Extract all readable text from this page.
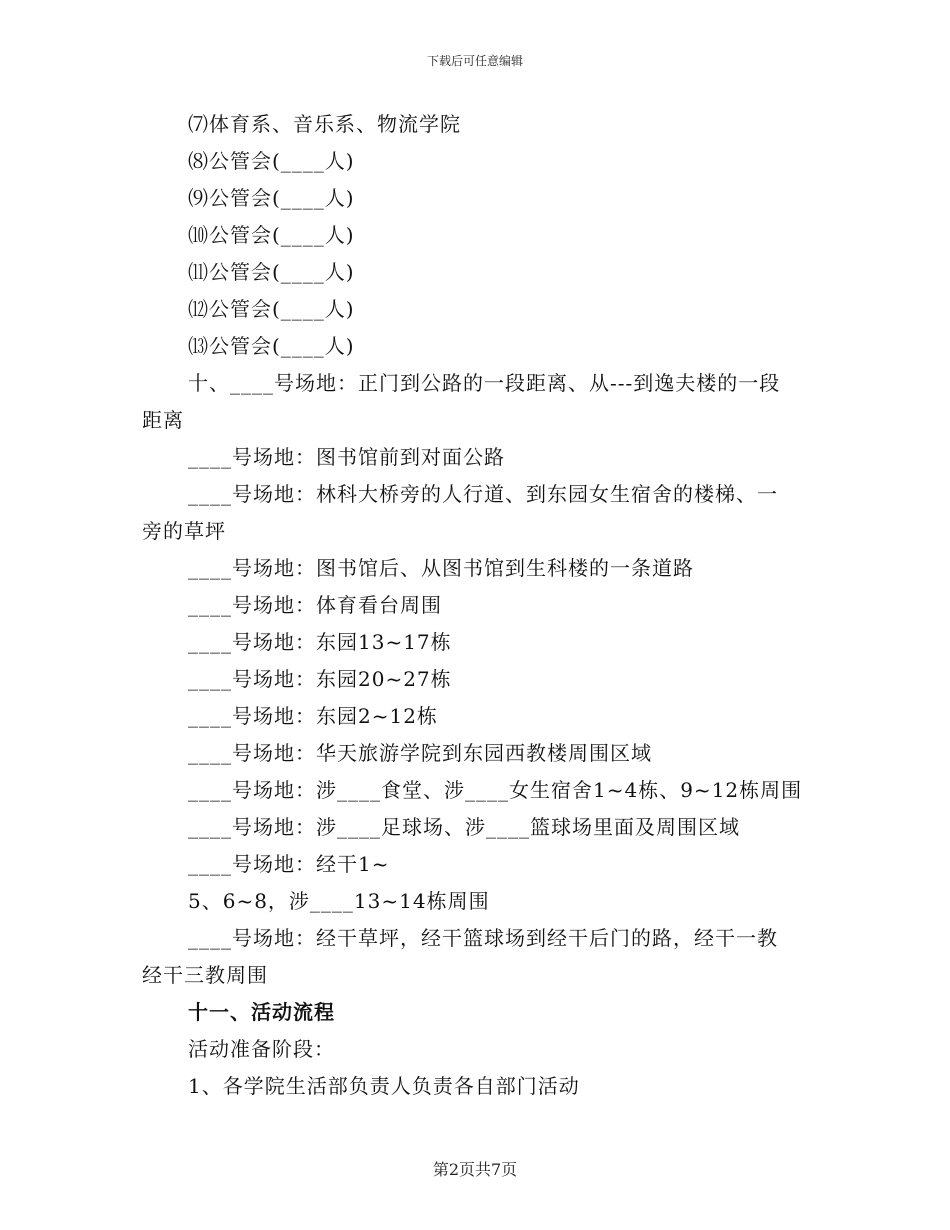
下载后可任意编辑
⑺体育系、音乐系、物流学院
⑻公管会(____人)
⑼公管会(____人)
⑽公管会(____人)
⑾公管会(____人)
⑿公管会(____人)
⒀公管会(____人)
十、____号场地：正门到公路的一段距离、从---到逸夫楼的一段
距离
____号场地：图书馆前到对面公路
____号场地：林科大桥旁的人行道、到东园女生宿舍的楼梯、一
旁的草坪
____号场地：图书馆后、从图书馆到生科楼的一条道路
____号场地：体育看台周围
____号场地：东园13~17栋
____号场地：东园20~27栋
____号场地：东园2~12栋
____号场地：华天旅游学院到东园西教楼周围区域
____号场地：涉____食堂、涉____女生宿舍1~4栋、9~12栋周围
____号场地：涉____足球场、涉____篮球场里面及周围区域
____号场地：经干1~
5、6~8，涉____13~14栋周围
____号场地：经干草坪，经干篮球场到经干后门的路，经干一教
经干三教周围
十一、活动流程
活动准备阶段：
1、各学院生活部负责人负责各自部门活动
第2页共7页
